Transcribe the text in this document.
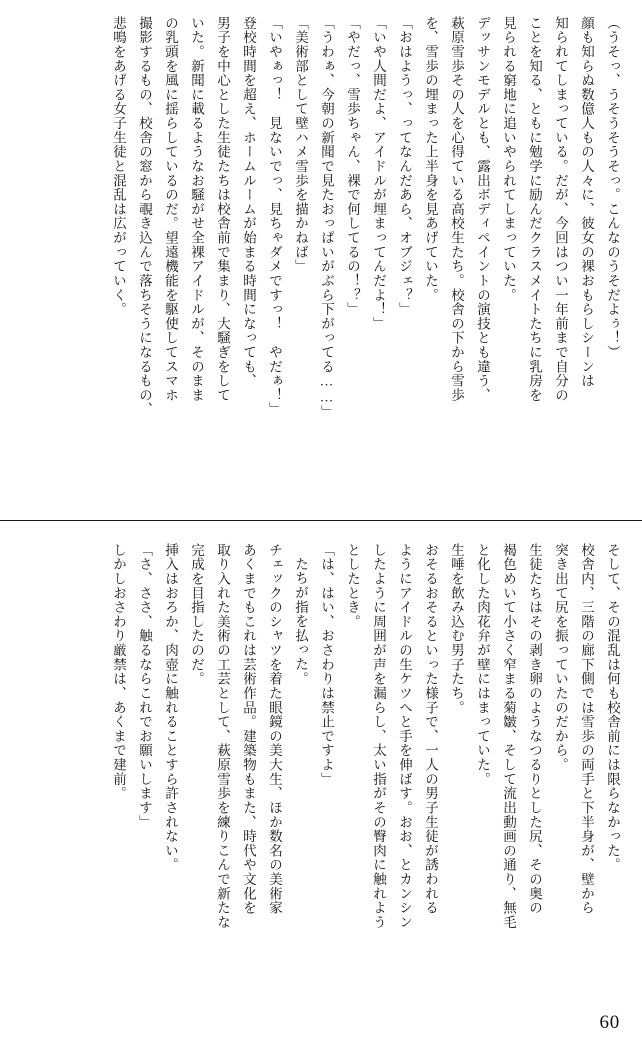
（うそっ、うそうそうそっ。こんなのうそだよぅ！）
顔も知らぬ数億人もの人々に、彼女の裸おもらしシーンは
知られてしまっている。だが、今回はつい一年前まで自分の
ことを知る、ともに勉学に励んだクラスメイトたちに乳房を
見られる窮地に追いやられてしまっていた。
デッサンモデルとも、露出ボディペイントの演技とも違う、
萩原雪歩その人を心得ている高校生たち。校舎の下から雪歩
を、雪歩の埋まった上半身を見あげていた。
「おはようっ、ってなんだあら、オブジェ？」
「いや人間だよ、アイドルが埋まってんだよ！」
「やだっ、雪歩ちゃん、裸で何してるの！？」
「うわぁ、今朝の新聞で見たおっぱいがぶら下がってる……」
「美術部として壁ハメ雪歩を描かねば」
「いやぁっ！　見ないでっ、見ちゃダメですっ！　やだぁ！」
登校時間を超え、ホームルームが始まる時間になっても、
男子を中心とした生徒たちは校舎前で集まり、大騒ぎをして
いた。新聞に載るようなお騒がせ全裸アイドルが、そのまま
の乳頭を風に揺らしているのだ。望遠機能を駆使してスマホ
撮影するもの、校舎の窓から覗き込んで落ちそうになるもの、
悲鳴をあげる女子生徒と混乱は広がっていく。
そして、その混乱は何も校舎前には限らなかった。
校舎内、三階の廊下側では雪歩の両手と下半身が、壁から
突き出て尻を振っていたのだから。
生徒たちはその剥き卵のようなつるりとした尻、その奥の
褐色めいて小さく窄まる菊皺、そして流出動画の通り、無毛
と化した肉花弁が壁にはまっていた。
生唾を飲み込む男子たち。
おそるおそるといった様子で、一人の男子生徒が誘われる
ようにアイドルの生ケツへと手を伸ばす。おお、とカンシン
したように周囲が声を漏らし、太い指がその臀肉に触れよう
としたとき。
「は、はい、おさわりは禁止ですよ」
たちが指を払った。
チェックのシャツを着た眼鏡の美大生、ほか数名の美術家
あくまでもこれは芸術作品。建築物もまた、時代や文化を
取り入れた美術の工芸として、萩原雪歩を練りこんで新たな
完成を目指したのだ。
挿入はおろか、肉壺に触れることすら許されない。
「さ、ささ、触るならこれでお願いします」
しかしおさわり厳禁は、あくまで建前。
60
